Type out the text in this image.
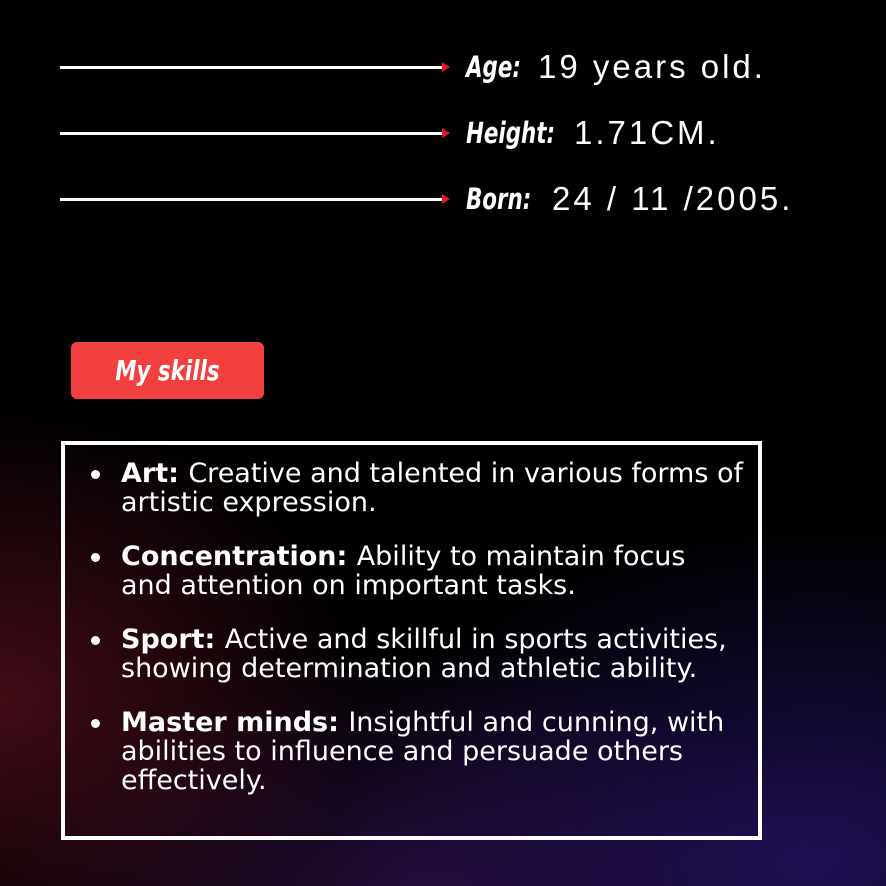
Age: 19 years old.
Height: 1.71CM.
Born: 24 / 11 /2005.
My skills
Art: Creative and talented in various forms of artistic expression.
Concentration: Ability to maintain focus and attention on important tasks.
Sport: Active and skillful in sports activities, showing determination and athletic ability.
Master minds: Insightful and cunning, with abilities to influence and persuade others effectively.
